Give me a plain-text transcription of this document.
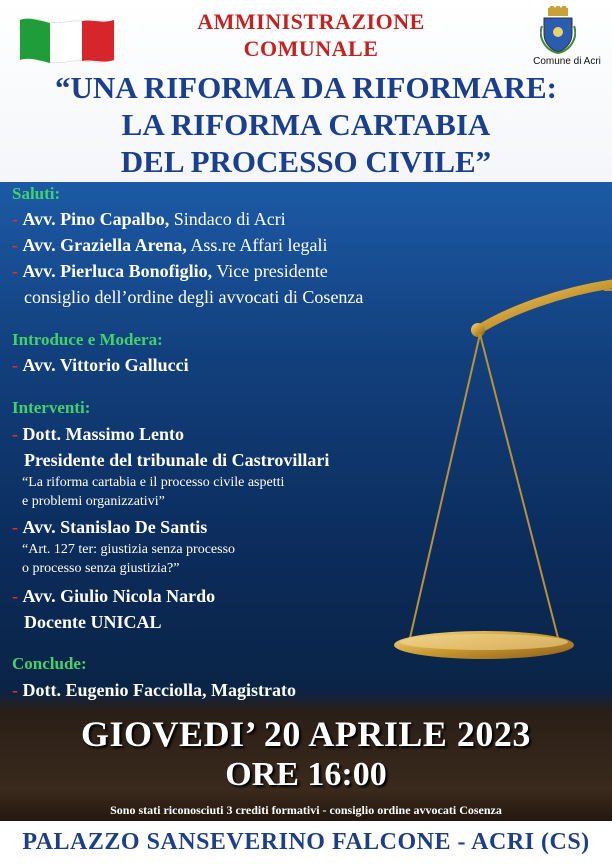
Comune di Acri
AMMINISTRAZIONE
COMUNALE
“UNA RIFORMA DA RIFORMARE:
LA RIFORMA CARTABIA
DEL PROCESSO CIVILE”
Saluti:
- Avv. Pino Capalbo, Sindaco di Acri
- Avv. Graziella Arena, Ass.re Affari legali
- Avv. Pierluca Bonofiglio, Vice presidente
consiglio dell’ordine degli avvocati di Cosenza
Introduce e Modera:
- Avv. Vittorio Gallucci
Interventi:
- Dott. Massimo Lento
Presidente del tribunale di Castrovillari
“La riforma cartabia e il processo civile aspetti
e problemi organizzativi”
- Avv. Stanislao De Santis
“Art. 127 ter: giustizia senza processo
o processo senza giustizia?”
- Avv. Giulio Nicola Nardo
Docente UNICAL
Conclude:
- Dott. Eugenio Facciolla, Magistrato
GIOVEDI’ 20 APRILE 2023
ORE 16:00
Sono stati riconosciuti 3 crediti formativi - consiglio ordine avvocati Cosenza
PALAZZO SANSEVERINO FALCONE - ACRI (CS)
